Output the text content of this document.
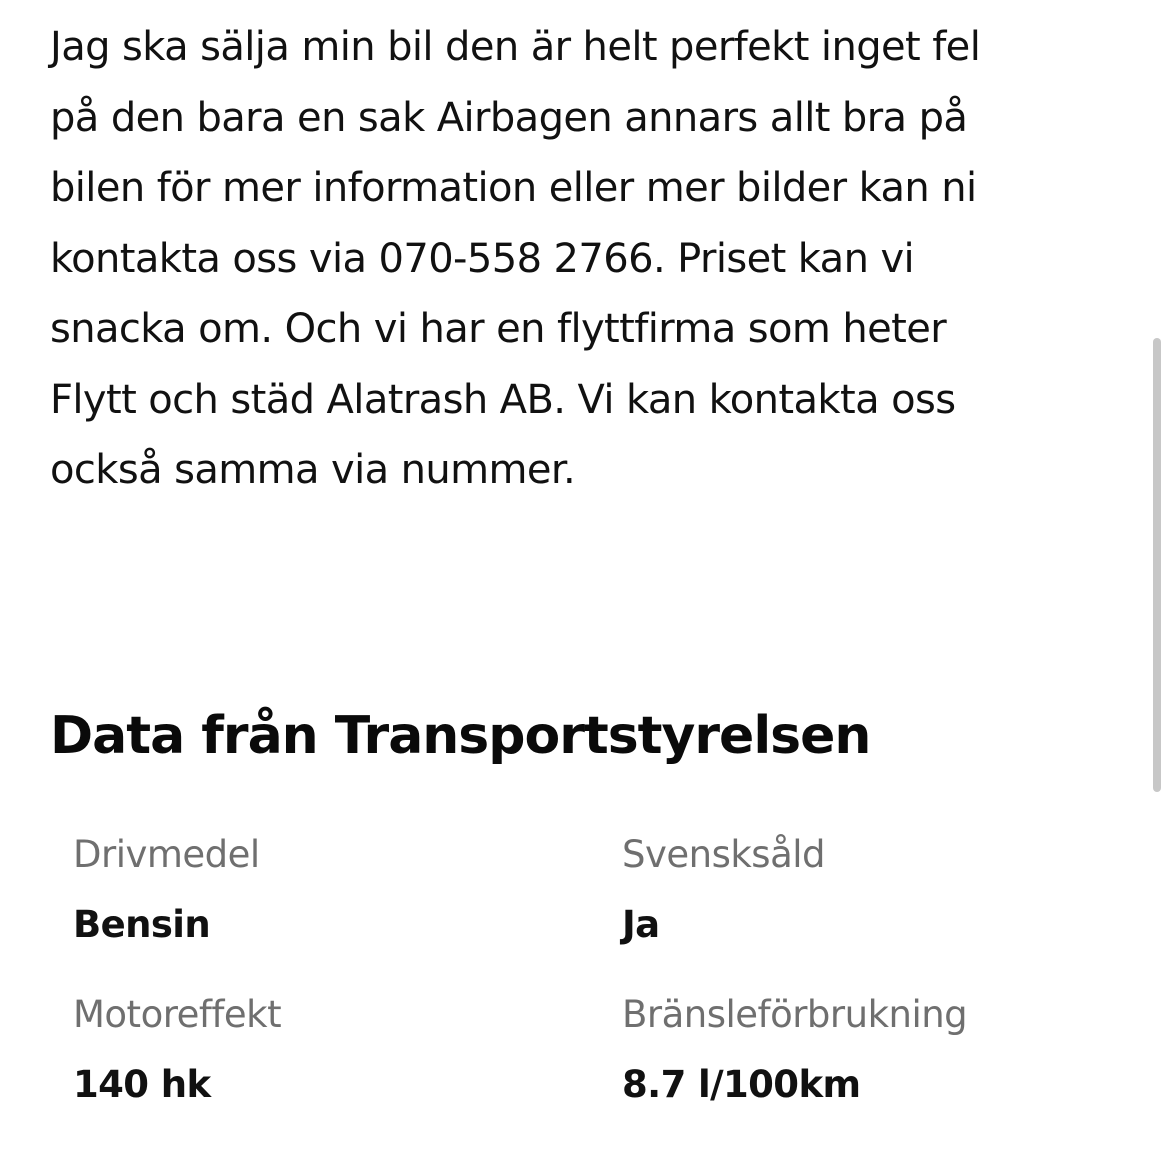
Jag ska sälja min bil den är helt perfekt inget fel
på den bara en sak Airbagen annars allt bra på
bilen för mer information eller mer bilder kan ni
kontakta oss via 070-558 2766. Priset kan vi
snacka om. Och vi har en flyttfirma som heter
Flytt och städ Alatrash AB. Vi kan kontakta oss
också samma via nummer.

Data från Transportstyrelsen
Drivmedel
Bensin
Svensksåld
Ja
Motoreffekt
140 hk
Bränsleförbrukning
8.7 l/100km
